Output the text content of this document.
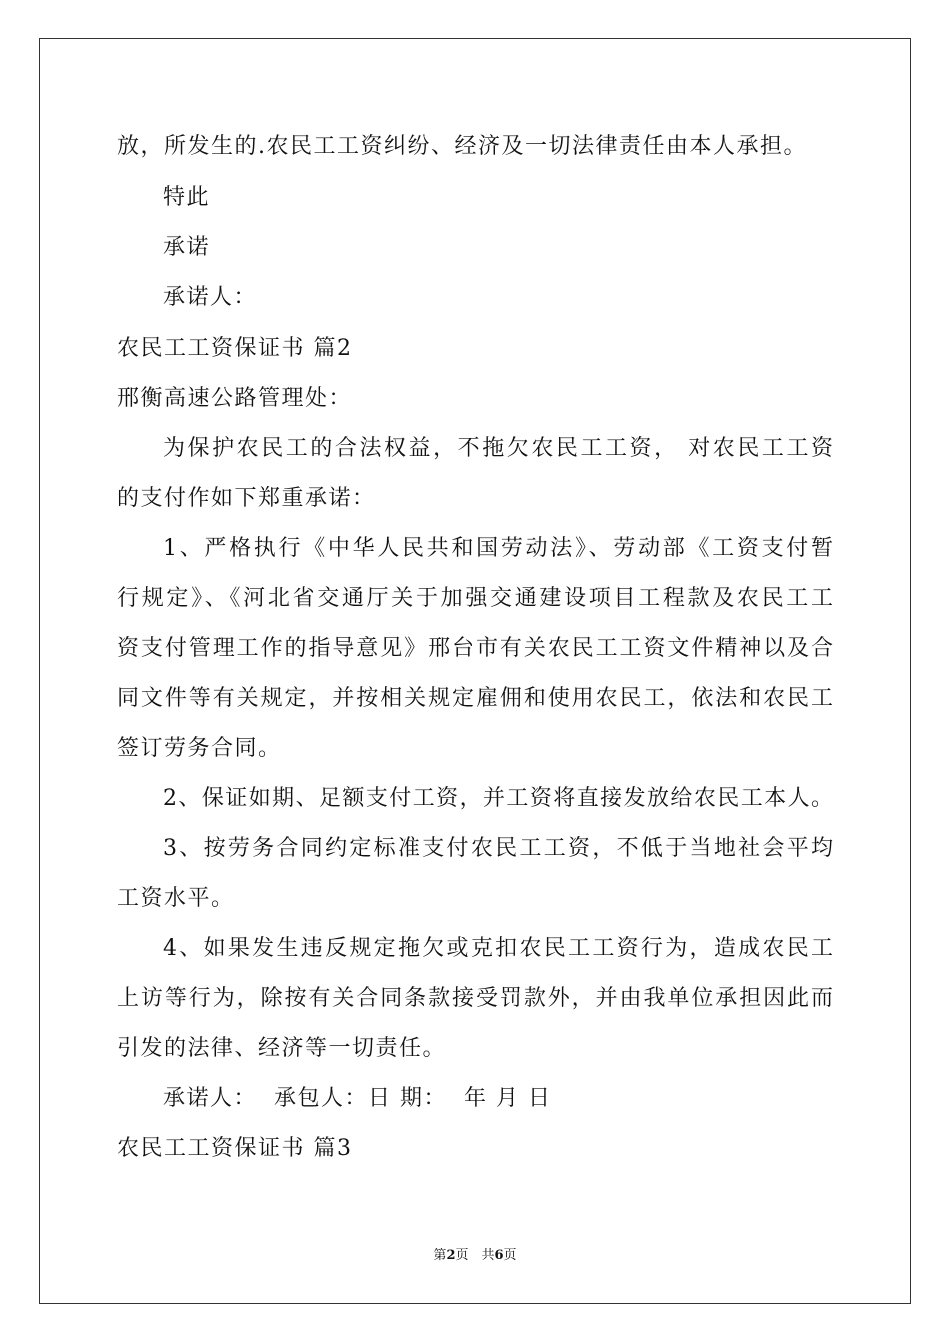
放，所发生的.农民工工资纠纷、经济及一切法律责任由本人承担。
特此
承诺
承诺人：
农民工工资保证书 篇2
邢衡高速公路管理处：
为保护农民工的合法权益，不拖欠农民工工资， 对农民工工资
的支付作如下郑重承诺：
1、严格执行《中华人民共和国劳动法》、劳动部《工资支付暂
行规定》、《河北省交通厅关于加强交通建设项目工程款及农民工工
资支付管理工作的指导意见》邢台市有关农民工工资文件精神以及合
同文件等有关规定，并按相关规定雇佣和使用农民工，依法和农民工
签订劳务合同。
2、保证如期、足额支付工资，并工资将直接发放给农民工本人。
3、按劳务合同约定标准支付农民工工资，不低于当地社会平均
工资水平。
4、如果发生违反规定拖欠或克扣农民工工资行为，造成农民工
上访等行为，除按有关合同条款接受罚款外，并由我单位承担因此而
引发的法律、经济等一切责任。
承诺人：  承包人：日 期：  年 月 日
农民工工资保证书 篇3
第2页　共6页
